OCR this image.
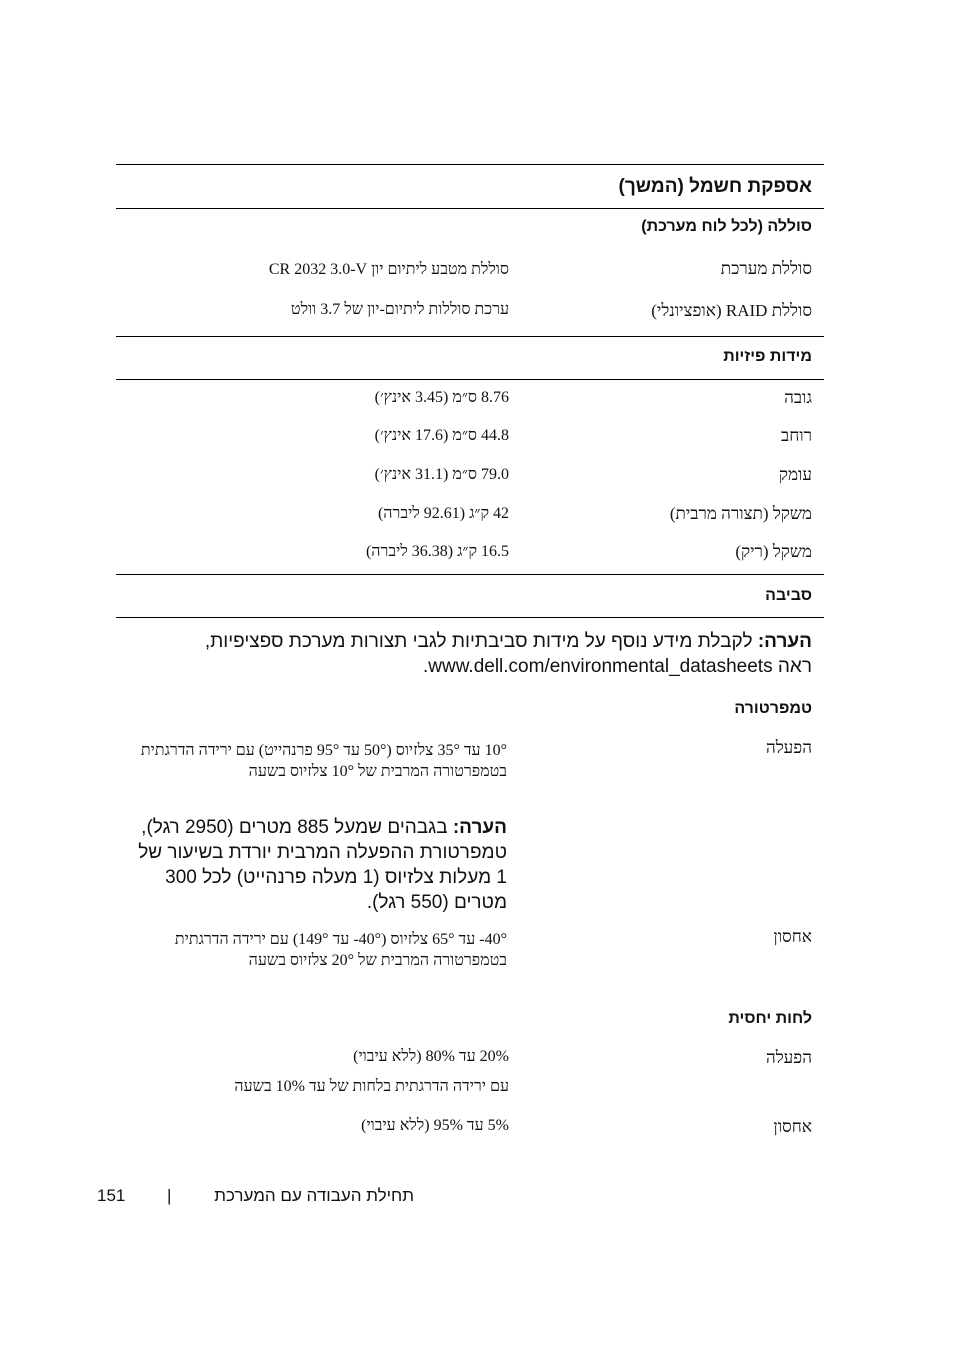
אספקת חשמל (המשך)
סוללה (לכל לוח מערכת)
סוללת מערכת
סוללת מטבע ליתיום יון CR 2032 3.0-V
סוללת RAID (אופציונלי)
ערכת סוללות ליתיום-יון של 3.7 וולט
מידות פיזיות
גובה
8.76 ס״מ (3.45 אינץ׳)
רוחב
44.8 ס״מ (17.6 אינץ׳)
עומק
79.0 ס״מ (31.1 אינץ׳)
משקל (תצורה מרבית)
42 ק״ג (92.61 ליברה)
משקל (ריק)
16.5 ק״ג (36.38 ליברה)
סביבה
הערה: לקבלת מידע נוסף על מידות סביבתיות לגבי תצורות מערכת ספציפיות, ראה www.dell.com/environmental_datasheets.
טמפרטורה
הפעלה
10° עד 35° צלזיוס (50° עד 95° פרנהייט) עם ירידה הדרגתית בטמפרטורה המרבית של 10° צלזיוס בשעה
הערה: בגבהים שמעל 885 מטרים (2950 רגל), טמפרטורת ההפעלה המרבית יורדת בשיעור של 1 מעלות צלזיוס (1 מעלה פרנהייט) לכל 300 מטרים (550 רגל).
אחסון
40°- עד 65° צלזיוס (40°- עד 149°) עם ירידה הדרגתית בטמפרטורה המרבית של 20° צלזיוס בשעה
לחות יחסית
הפעלה
20% עד 80% (ללא עיבוי)
עם ירידה הדרגתית בלחות של עד 10% בשעה
אחסון
5% עד 95% (ללא עיבוי)
151 |	תחילת העבודה עם המערכת
